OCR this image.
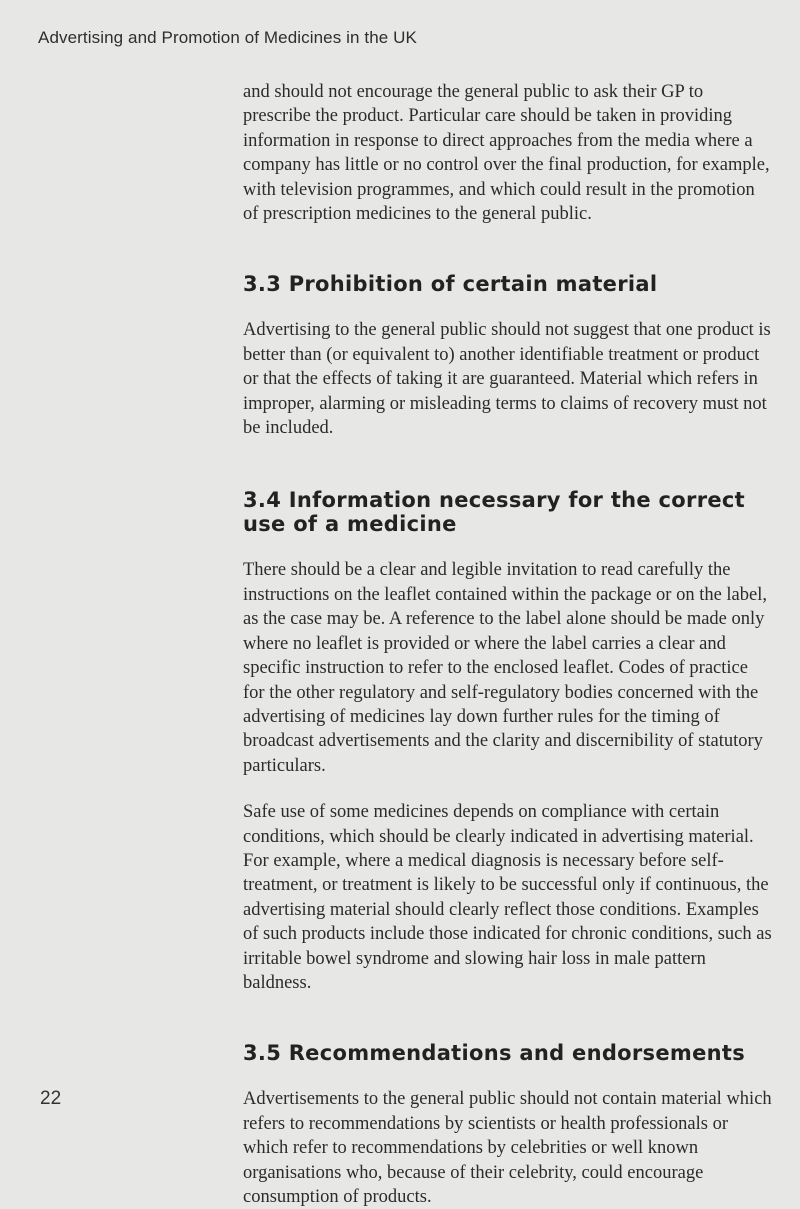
Advertising and Promotion of Medicines in the UK

and should not encourage the general public to ask their GP to prescribe the product. Particular care should be taken in providing information in response to direct approaches from the media where a company has little or no control over the final production, for example, with television programmes, and which could result in the promotion of prescription medicines to the general public.

3.3 Prohibition of certain material

Advertising to the general public should not suggest that one product is better than (or equivalent to) another identifiable treatment or product or that the effects of taking it are guaranteed. Material which refers in improper, alarming or misleading terms to claims of recovery must not be included.

3.4 Information necessary for the correct use of a medicine

There should be a clear and legible invitation to read carefully the instructions on the leaflet contained within the package or on the label, as the case may be. A reference to the label alone should be made only where no leaflet is provided or where the label carries a clear and specific instruction to refer to the enclosed leaflet. Codes of practice for the other regulatory and self-regulatory bodies concerned with the advertising of medicines lay down further rules for the timing of broadcast advertisements and the clarity and discernibility of statutory particulars.

Safe use of some medicines depends on compliance with certain conditions, which should be clearly indicated in advertising material. For example, where a medical diagnosis is necessary before self-treatment, or treatment is likely to be successful only if continuous, the advertising material should clearly reflect those conditions. Examples of such products include those indicated for chronic conditions, such as irritable bowel syndrome and slowing hair loss in male pattern baldness.

3.5 Recommendations and endorsements

Advertisements to the general public should not contain material which refers to recommendations by scientists or health professionals or which refer to recommendations by celebrities or well known organisations who, because of their celebrity, could encourage consumption of products.

22
